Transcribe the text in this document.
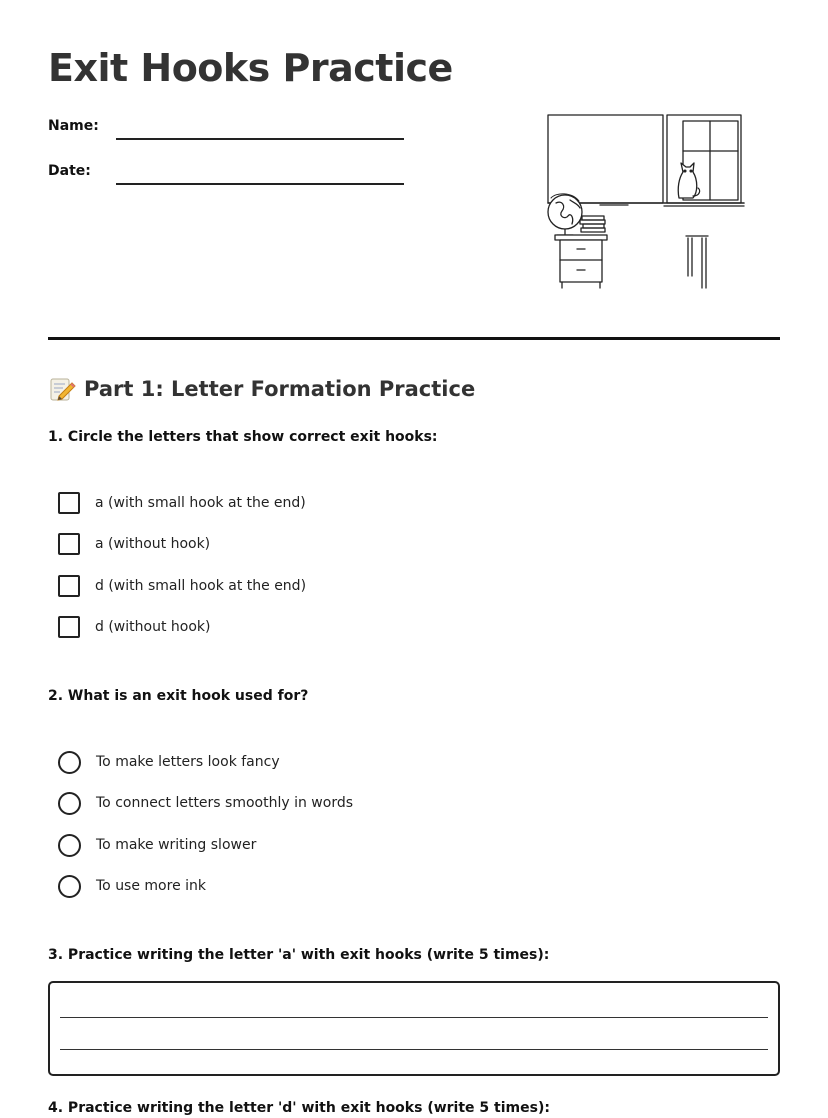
Exit Hooks Practice
Name:
Date:
Part 1: Letter Formation Practice
1. Circle the letters that show correct exit hooks:
a (with small hook at the end)
a (without hook)
d (with small hook at the end)
d (without hook)
2. What is an exit hook used for?
To make letters look fancy
To connect letters smoothly in words
To make writing slower
To use more ink
3. Practice writing the letter 'a' with exit hooks (write 5 times):
4. Practice writing the letter 'd' with exit hooks (write 5 times):
